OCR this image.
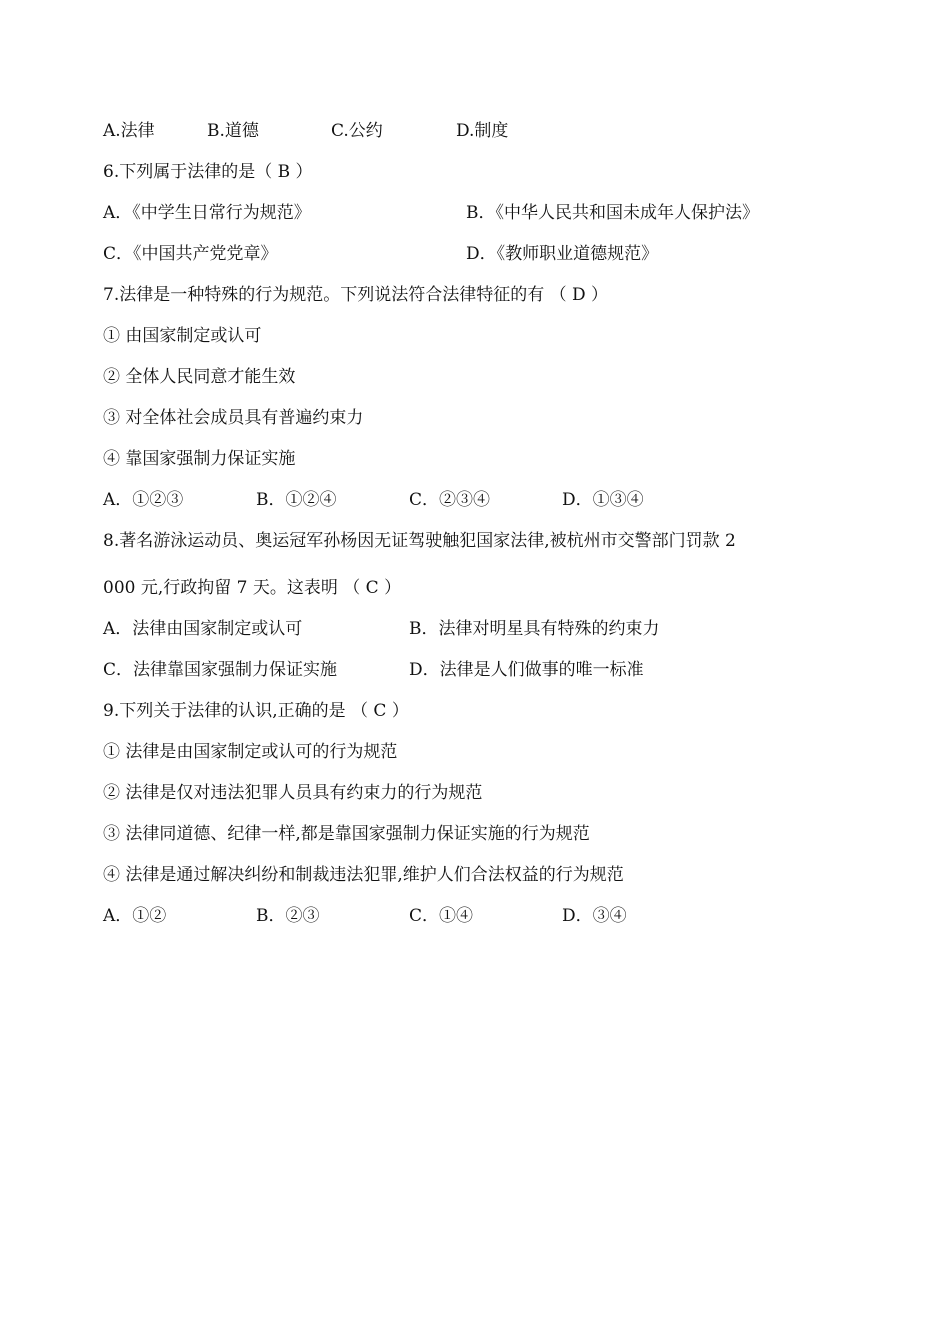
A.法律	B.道德	C.公约	D.制度
6.下列属于法律的是（ B ）
A．《中学生日常行为规范》	B．《中华人民共和国未成年人保护法》
C．《中国共产党党章》	D．《教师职业道德规范》
7.法律是一种特殊的行为规范。下列说法符合法律特征的有 （ D ）
① 由国家制定或认可
② 全体人民同意才能生效
③ 对全体社会成员具有普遍约束力
④ 靠国家强制力保证实施
A．①②③	B．①②④	C．②③④	D．①③④
8.著名游泳运动员、奥运冠军孙杨因无证驾驶触犯国家法律,被杭州市交警部门罚款 2
000 元,行政拘留 7 天。这表明 （ C ）
A．法律由国家制定或认可	B．法律对明星具有特殊的约束力
C．法律靠国家强制力保证实施	D．法律是人们做事的唯一标准
9.下列关于法律的认识,正确的是 （ C ）
① 法律是由国家制定或认可的行为规范
② 法律是仅对违法犯罪人员具有约束力的行为规范
③ 法律同道德、纪律一样,都是靠国家强制力保证实施的行为规范
④ 法律是通过解决纠纷和制裁违法犯罪,维护人们合法权益的行为规范
A．①②	B．②③	C．①④	D．③④
